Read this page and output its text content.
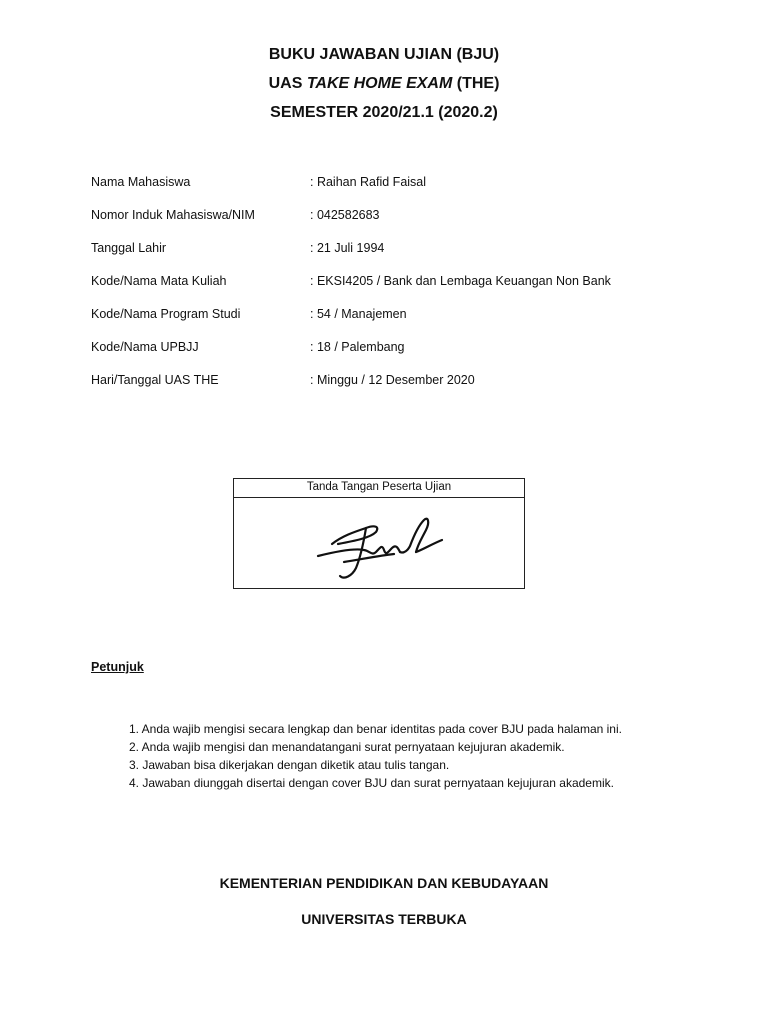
BUKU JAWABAN UJIAN (BJU)
UAS TAKE HOME EXAM (THE)
SEMESTER 2020/21.1 (2020.2)
Nama Mahasiswa	: Raihan Rafid Faisal
Nomor Induk Mahasiswa/NIM	: 042582683
Tanggal Lahir	: 21 Juli 1994
Kode/Nama Mata Kuliah	: EKSI4205 / Bank dan Lembaga Keuangan Non Bank
Kode/Nama Program Studi	: 54 / Manajemen
Kode/Nama UPBJJ	: 18 / Palembang
Hari/Tanggal UAS THE	: Minggu / 12 Desember 2020
Tanda Tangan Peserta Ujian
Petunjuk
1. Anda wajib mengisi secara lengkap dan benar identitas pada cover BJU pada halaman ini.
2. Anda wajib mengisi dan menandatangani surat pernyataan kejujuran akademik.
3. Jawaban bisa dikerjakan dengan diketik atau tulis tangan.
4. Jawaban diunggah disertai dengan cover BJU dan surat pernyataan kejujuran akademik.
KEMENTERIAN PENDIDIKAN DAN KEBUDAYAAN
UNIVERSITAS TERBUKA
